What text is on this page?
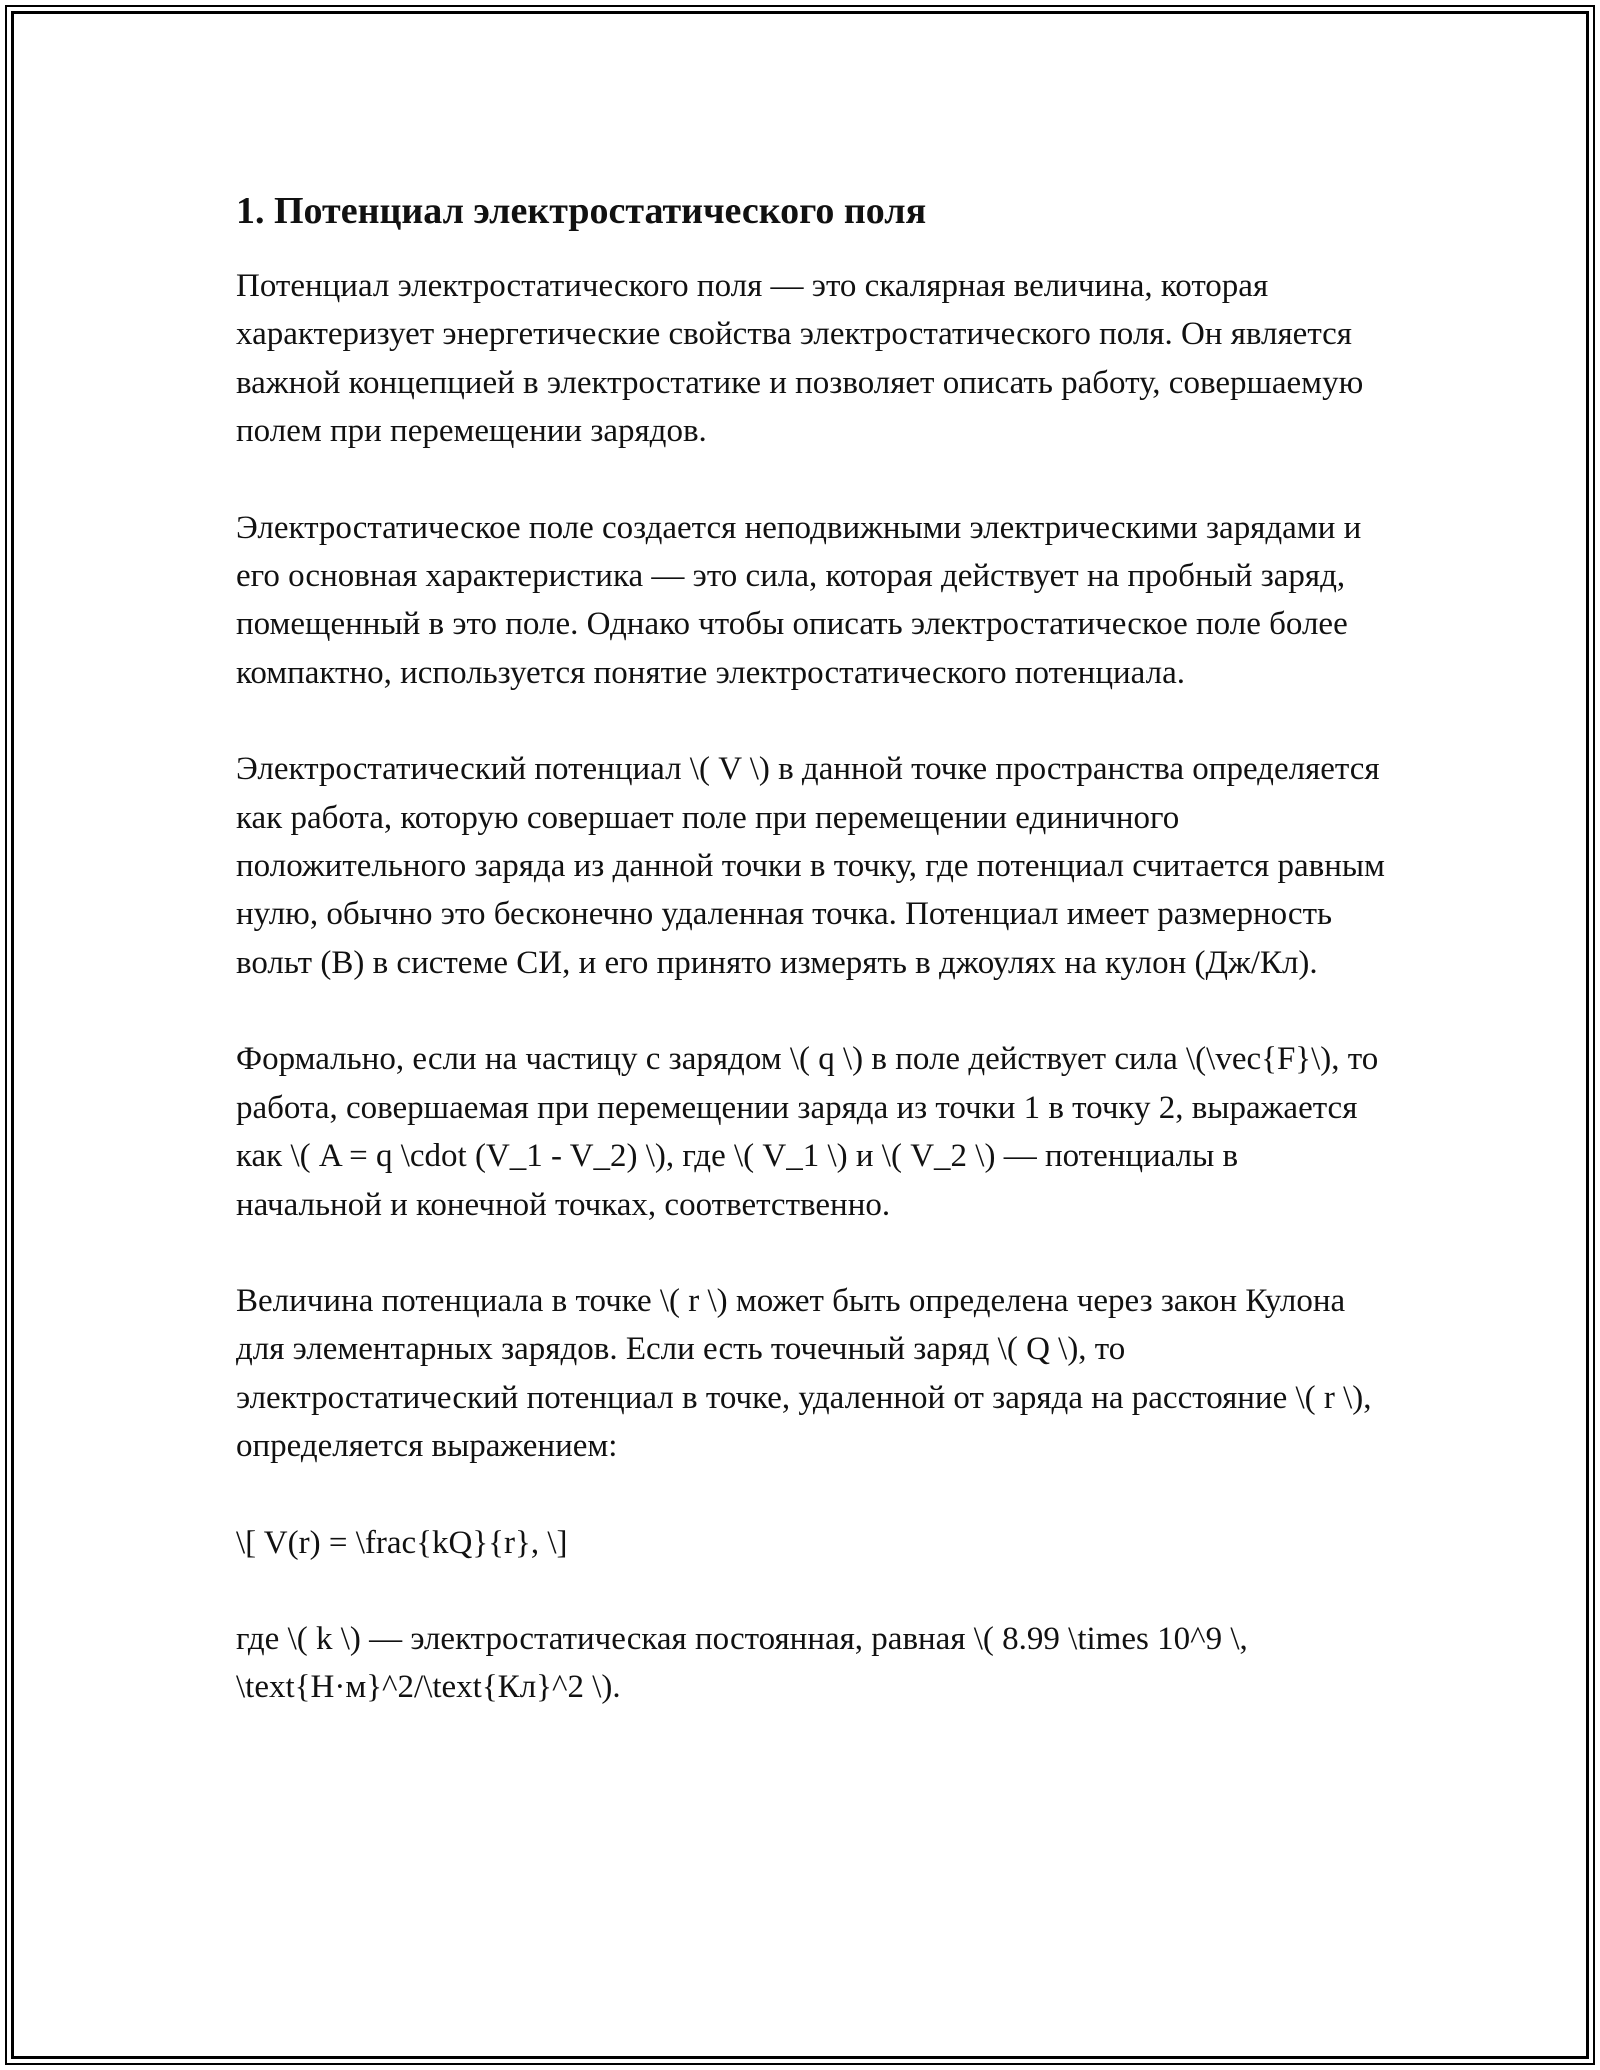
1. Потенциал электростатического поля

Потенциал электростатического поля — это скалярная величина, которая характеризует энергетические свойства электростатического поля. Он является важной концепцией в электростатике и позволяет описать работу, совершаемую полем при перемещении зарядов.

Электростатическое поле создается неподвижными электрическими зарядами и его основная характеристика — это сила, которая действует на пробный заряд, помещенный в это поле. Однако чтобы описать электростатическое поле более компактно, используется понятие электростатического потенциала.

Электростатический потенциал \( V \) в данной точке пространства определяется как работа, которую совершает поле при перемещении единичного положительного заряда из данной точки в точку, где потенциал считается равным нулю, обычно это бесконечно удаленная точка. Потенциал имеет размерность вольт (В) в системе СИ, и его принято измерять в джоулях на кулон (Дж/Кл).

Формально, если на частицу с зарядом \( q \) в поле действует сила \(\vec{F}\), то работа, совершаемая при перемещении заряда из точки 1 в точку 2, выражается как \( A = q \cdot (V_1 - V_2) \), где \( V_1 \) и \( V_2 \) — потенциалы в начальной и конечной точках, соответственно.

Величина потенциала в точке \( r \) может быть определена через закон Кулона для элементарных зарядов. Если есть точечный заряд \( Q \), то электростатический потенциал в точке, удаленной от заряда на расстояние \( r \), определяется выражением:

\[ V(r) = \frac{kQ}{r}, \]

где \( k \) — электростатическая постоянная, равная \( 8.99 \times 10^9 \, \text{Н·м}^2/\text{Кл}^2 \).
